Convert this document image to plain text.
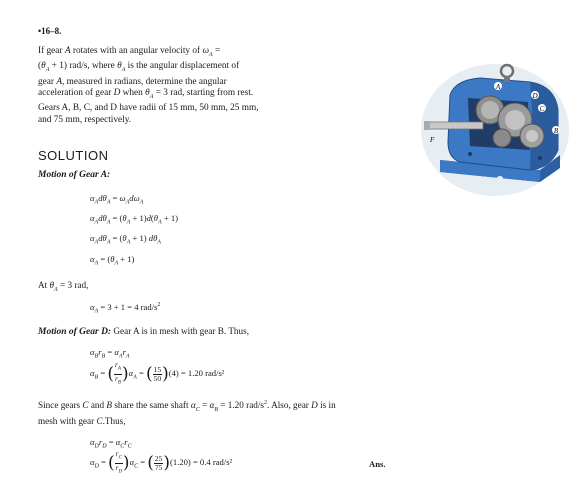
•16–8.
If gear A rotates with an angular velocity of $\omega_A$ =
$(\theta_A + 1)$ rad/s, where $\theta_A$ is the angular displacement of
gear A, measured in radians, determine the angular
acceleration of gear D when $\theta_A = 3$ rad, starting from rest.
Gears A, B, C, and D have radii of 15 mm, 50 mm, 25 mm,
and 75 mm, respectively.
A
D
B
C
F
SOLUTION
Motion of Gear A:
$\alpha_Ad\theta_A = \omega_Ad\omega_A$
$\alpha_Ad\theta_A = (\theta_A + 1)d(\theta_A + 1)$
$\alpha_Ad\theta_A = (\theta_A + 1)$ $d\theta_A$
$\alpha_A = (\theta_A + 1)$
At $\theta_A = 3$ rad,
$\alpha_A = 3 + 1 = 4$ rad/$s^2$
Motion of Gear D: Gear A is in mesh with gear B. Thus,
$\alpha_Br_B = \alpha_Ar_A$
$\alpha_B$ = ( $\frac{r_A}{r_B} )\alpha_A$ = ( $\frac{15}{50} )(4) = 1.20$ rad/s²
Since gears C and B share the same shaft $\alpha_C = \alpha_B = 1.20$ rad/$s^2$. Also, gear D is in
mesh with gear C.Thus,
$\alpha_Dr_D = \alpha_Cr_C$
$\alpha_D$ = ( $\frac{r_C}{r_D} )\alpha_C$ = ( $\frac{25}{75} )(1.20) = 0.4$ rad/s²	Ans.
